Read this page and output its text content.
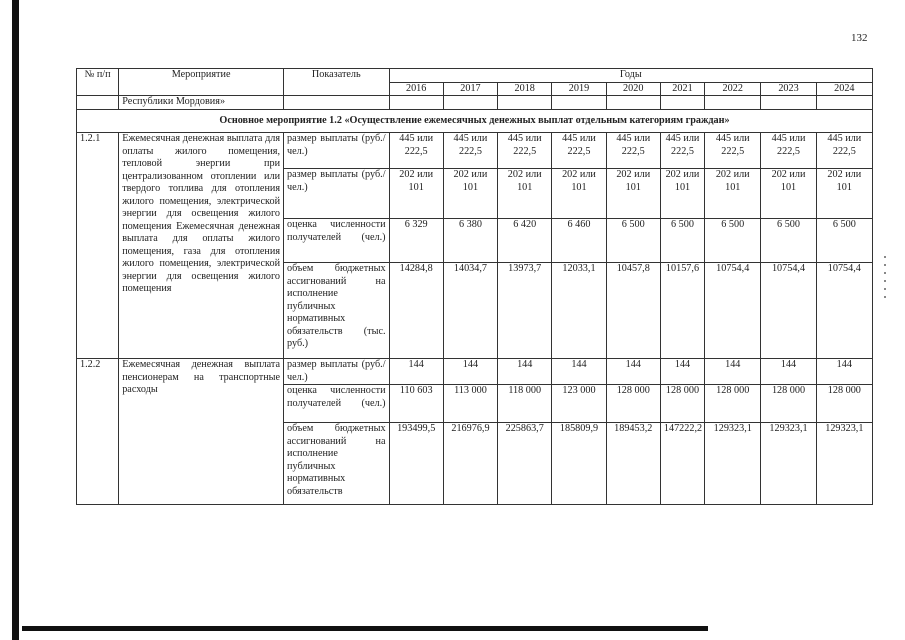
132
№ п/п	Мероприятие	Показатель	Годы								
			2016	2017	2018	2019	2020	2021	2022	2023	2024
	Республики Мордовия»										
Основное мероприятие 1.2 «Осуществление ежемесячных денежных выплат отдельным категориям граждан»											
1.2.1	Ежемесячная денежная выплата для оплаты жилого помещения, тепловой энергии при централизованном отоплении или твердого топлива для отопления жилого помещения, электрической энергии для освещения жилого помещения Ежемесячная денежная выплата для оплаты жилого помещения, газа для отопления жилого помещения, электрической энергии для освещения жилого помещения	размер выплаты (руб./ чел.)	445 или 222,5	445 или 222,5	445 или 222,5	445 или 222,5	445 или 222,5	445 или 222,5	445 или 222,5	445 или 222,5	445 или 222,5
		размер выплаты (руб./ чел.)	202 или 101	202 или 101	202 или 101	202 или 101	202 или 101	202 или 101	202 или 101	202 или 101	202 или 101
		оценка численности получателей (чел.)	6 329	6 380	6 420	6 460	6 500	6 500	6 500	6 500	6 500
		объем бюджетных ассигнований на исполнение публичных нормативных обязательств (тыс. руб.)	14284,8	14034,7	13973,7	12033,1	10457,8	10157,6	10754,4	10754,4	10754,4
1.2.2	Ежемесячная денежная выплата пенсионерам на транспортные расходы	размер выплаты (руб./ чел.)	144	144	144	144	144	144	144	144	144
		оценка численности получателей (чел.)	110 603	113 000	118 000	123 000	128 000	128 000	128 000	128 000	128 000
		объем бюджетных ассигнований на исполнение публичных нормативных обязательств	193499,5	216976,9	225863,7	185809,9	189453,2	147222,2	129323,1	129323,1	129323,1
